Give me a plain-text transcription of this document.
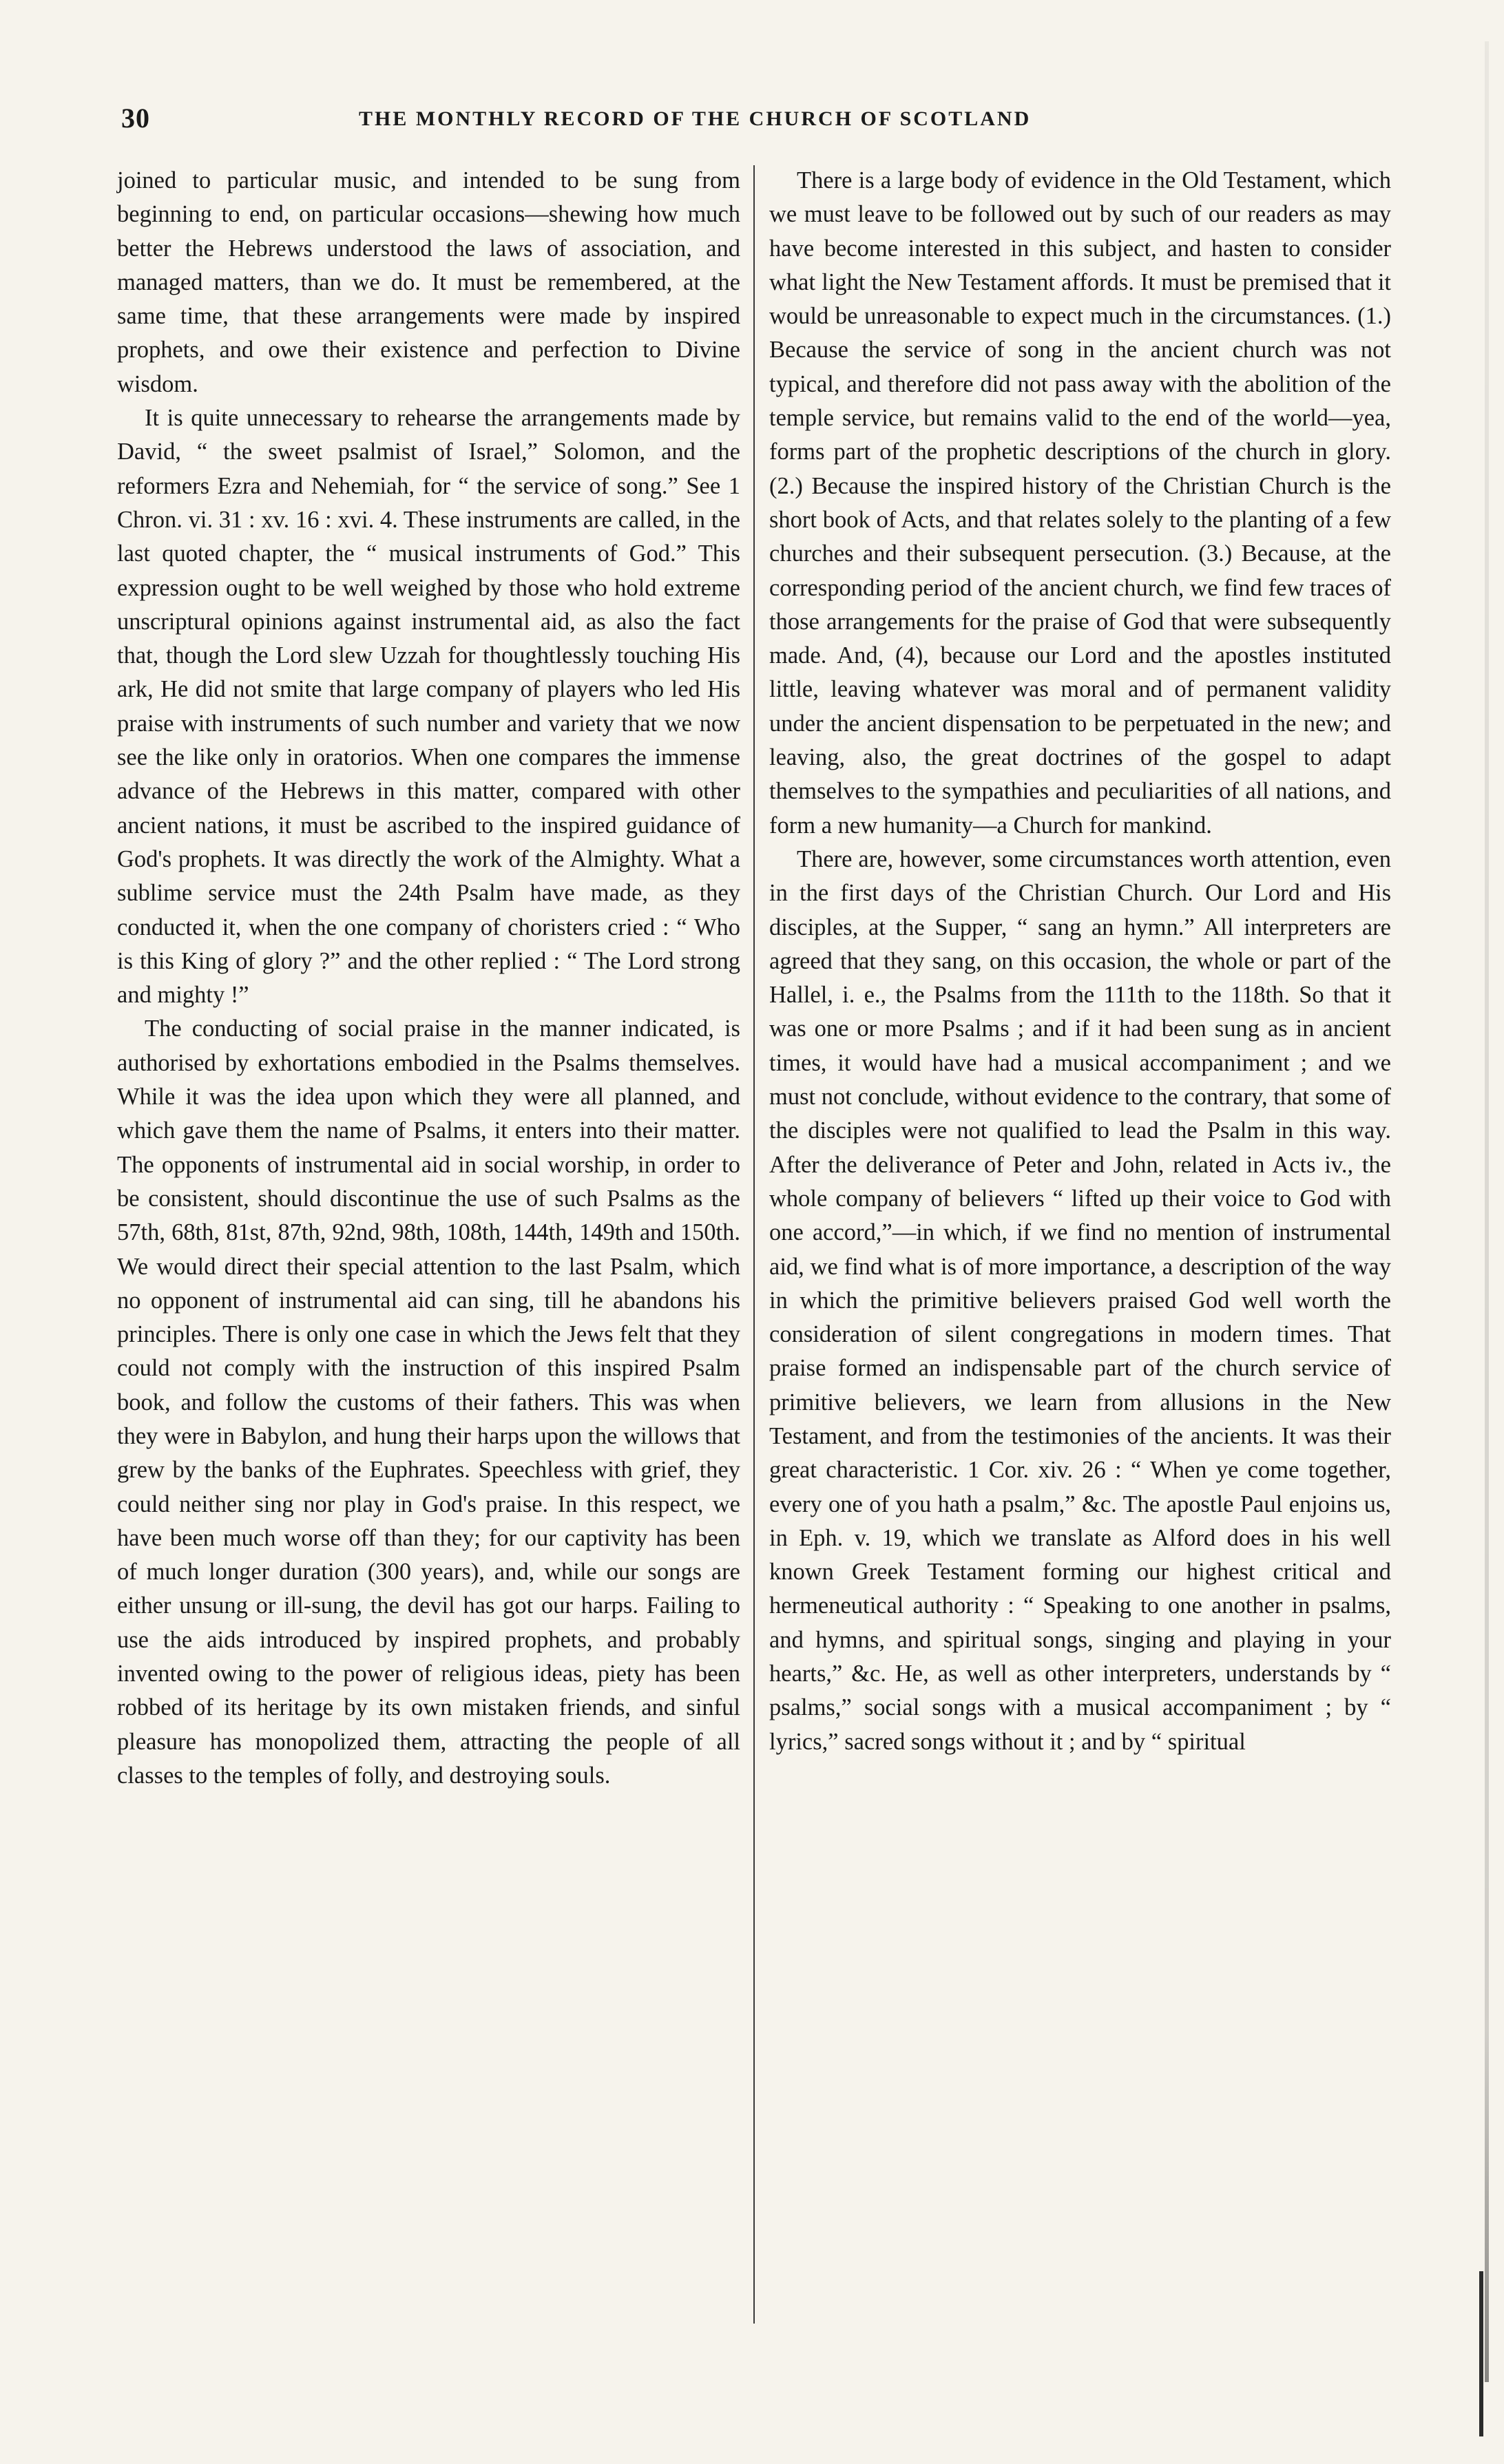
30	THE MONTHLY RECORD OF THE CHURCH OF SCOTLAND

joined to particular music, and intended to be sung from beginning to end, on particular occasions—shewing how much better the Hebrews understood the laws of association, and managed matters, than we do. It must be remembered, at the same time, that these arrangements were made by inspired prophets, and owe their existence and perfection to Divine wisdom.

It is quite unnecessary to rehearse the arrangements made by David, “ the sweet psalmist of Israel,” Solomon, and the reformers Ezra and Nehemiah, for “ the service of song.” See 1 Chron. vi. 31 : xv. 16 : xvi. 4. These instruments are called, in the last quoted chapter, the “ musical instruments of God.” This expression ought to be well weighed by those who hold extreme unscriptural opinions against instrumental aid, as also the fact that, though the Lord slew Uzzah for thoughtlessly touching His ark, He did not smite that large company of players who led His praise with instruments of such number and variety that we now see the like only in oratorios. When one compares the immense advance of the Hebrews in this matter, compared with other ancient nations, it must be ascribed to the inspired guidance of God's prophets. It was directly the work of the Almighty. What a sublime service must the 24th Psalm have made, as they conducted it, when the one company of choristers cried : “ Who is this King of glory ?” and the other replied : “ The Lord strong and mighty !”

The conducting of social praise in the manner indicated, is authorised by exhortations embodied in the Psalms themselves. While it was the idea upon which they were all planned, and which gave them the name of Psalms, it enters into their matter. The opponents of instrumental aid in social worship, in order to be consistent, should discontinue the use of such Psalms as the 57th, 68th, 81st, 87th, 92nd, 98th, 108th, 144th, 149th and 150th. We would direct their special attention to the last Psalm, which no opponent of instrumental aid can sing, till he abandons his principles. There is only one case in which the Jews felt that they could not comply with the instruction of this inspired Psalm book, and follow the customs of their fathers. This was when they were in Babylon, and hung their harps upon the willows that grew by the banks of the Euphrates. Speechless with grief, they could neither sing nor play in God's praise. In this respect, we have been much worse off than they; for our captivity has been of much longer duration (300 years), and, while our songs are either unsung or ill-sung, the devil has got our harps. Failing to use the aids introduced by inspired prophets, and probably invented owing to the power of religious ideas, piety has been robbed of its heritage by its own mistaken friends, and sinful pleasure has monopolized them, attracting the people of all classes to the temples of folly, and destroying souls.

There is a large body of evidence in the Old Testament, which we must leave to be followed out by such of our readers as may have become interested in this subject, and hasten to consider what light the New Testament affords. It must be premised that it would be unreasonable to expect much in the circumstances. (1.) Because the service of song in the ancient church was not typical, and therefore did not pass away with the abolition of the temple service, but remains valid to the end of the world—yea, forms part of the prophetic descriptions of the church in glory. (2.) Because the inspired history of the Christian Church is the short book of Acts, and that relates solely to the planting of a few churches and their subsequent persecution. (3.) Because, at the corresponding period of the ancient church, we find few traces of those arrangements for the praise of God that were subsequently made. And, (4), because our Lord and the apostles instituted little, leaving whatever was moral and of permanent validity under the ancient dispensation to be perpetuated in the new; and leaving, also, the great doctrines of the gospel to adapt themselves to the sympathies and peculiarities of all nations, and form a new humanity—a Church for mankind.

There are, however, some circumstances worth attention, even in the first days of the Christian Church. Our Lord and His disciples, at the Supper, “ sang an hymn.” All interpreters are agreed that they sang, on this occasion, the whole or part of the Hallel, i. e., the Psalms from the 111th to the 118th. So that it was one or more Psalms ; and if it had been sung as in ancient times, it would have had a musical accompaniment ; and we must not conclude, without evidence to the contrary, that some of the disciples were not qualified to lead the Psalm in this way. After the deliverance of Peter and John, related in Acts iv., the whole company of believers “ lifted up their voice to God with one accord,”—in which, if we find no mention of instrumental aid, we find what is of more importance, a description of the way in which the primitive believers praised God well worth the consideration of silent congregations in modern times. That praise formed an indispensable part of the church service of primitive believers, we learn from allusions in the New Testament, and from the testimonies of the ancients. It was their great characteristic. 1 Cor. xiv. 26 : “ When ye come together, every one of you hath a psalm,” &c. The apostle Paul enjoins us, in Eph. v. 19, which we translate as Alford does in his well known Greek Testament forming our highest critical and hermeneutical authority : “ Speaking to one another in psalms, and hymns, and spiritual songs, singing and playing in your hearts,” &c. He, as well as other interpreters, understands by “ psalms,” social songs with a musical accompaniment ; by “ lyrics,” sacred songs without it ; and by “ spiritual
